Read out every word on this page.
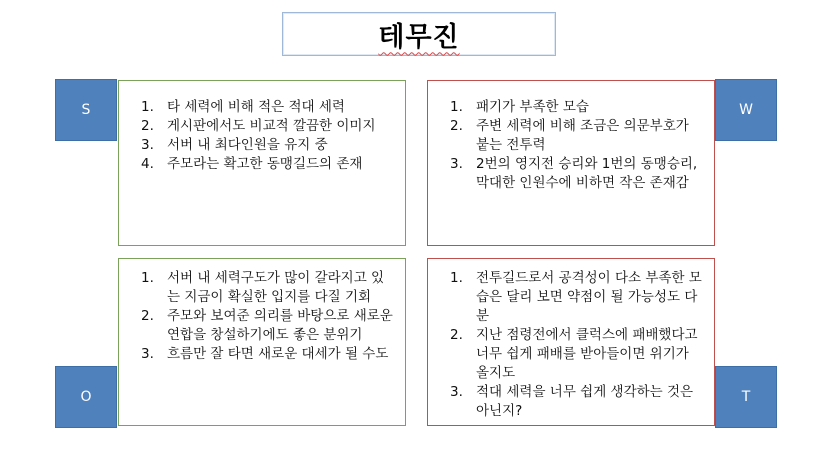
테무진
1. 타 세력에 비해 적은 적대 세력
2. 게시판에서도 비교적 깔끔한 이미지
3. 서버 내 최다인원을 유지 중
4. 주모라는 확고한 동맹길드의 존재
1. 패기가 부족한 모습
2. 주변 세력에 비해 조금은 의문부호가 붙는 전투력
3. 2번의 영지전 승리와 1번의 동맹승리, 막대한 인원수에 비하면 작은 존재감
1. 서버 내 세력구도가 많이 갈라지고 있는 지금이 확실한 입지를 다질 기회
2. 주모와 보여준 의리를 바탕으로 새로운 연합을 창설하기에도 좋은 분위기
3. 흐름만 잘 타면 새로운 대세가 될 수도
1. 전투길드로서 공격성이 다소 부족한 모습은 달리 보면 약점이 될 가능성도 다분
2. 지난 점령전에서 클럭스에 패배했다고 너무 쉽게 패배를 받아들이면 위기가 올지도
3. 적대 세력을 너무 쉽게 생각하는 것은 아닌지?
S	W
O	T
